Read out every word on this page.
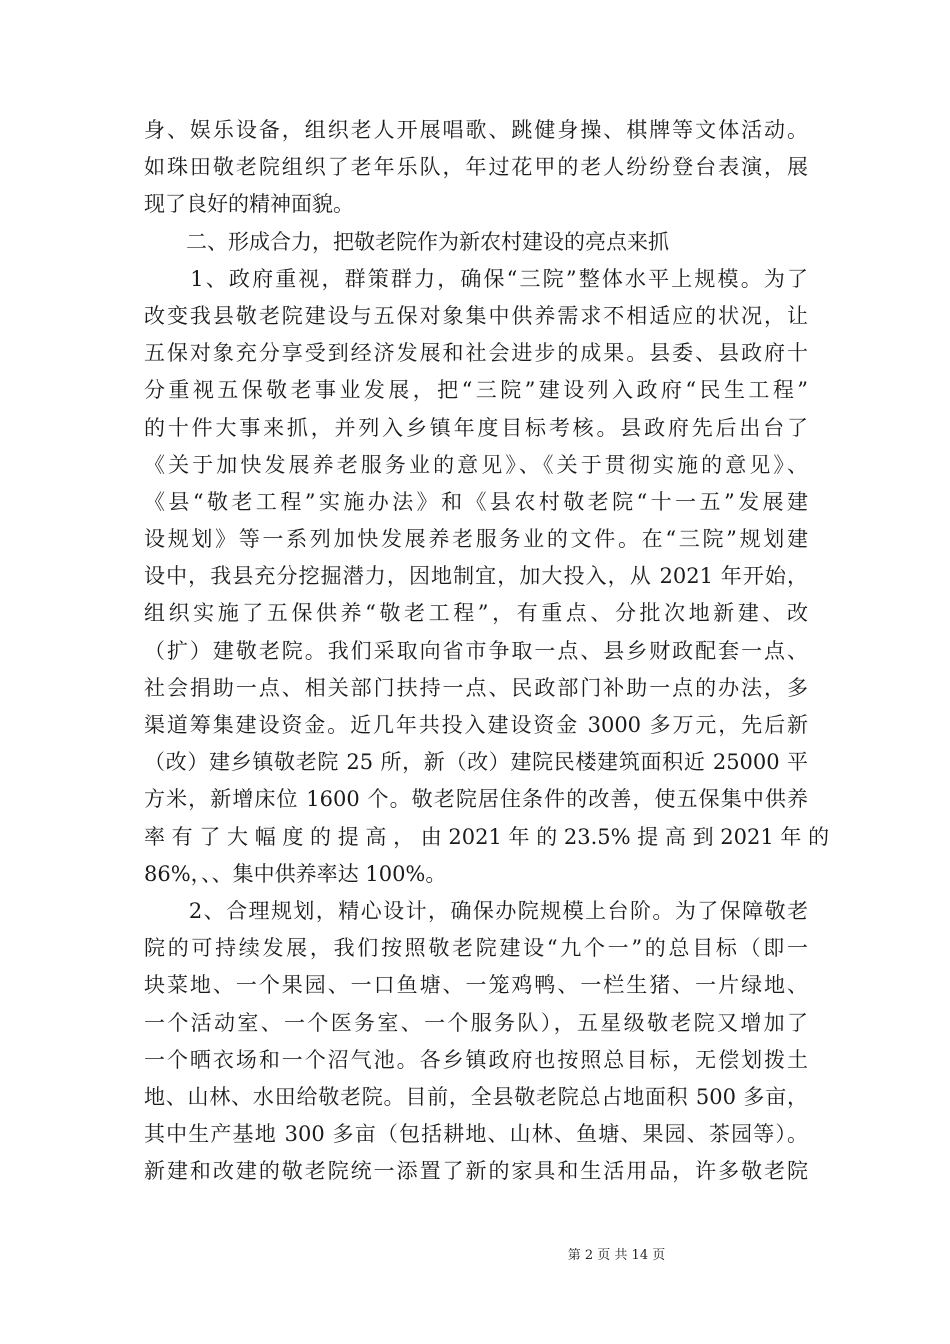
身、娱乐设备，组织老人开展唱歌、跳健身操、棋牌等文体活动。
如珠田敬老院组织了老年乐队，年过花甲的老人纷纷登台表演，展
现了良好的精神面貌。
　　二、形成合力，把敬老院作为新农村建设的亮点来抓
　　1、政府重视，群策群力，确保“三院”整体水平上规模。为了
改变我县敬老院建设与五保对象集中供养需求不相适应的状况，让
五保对象充分享受到经济发展和社会进步的成果。县委、县政府十
分重视五保敬老事业发展，把“三院”建设列入政府“民生工程”
的十件大事来抓，并列入乡镇年度目标考核。县政府先后出台了
《关于加快发展养老服务业的意见》、《关于贯彻实施的意见》、
《县“敬老工程”实施办法》和《县农村敬老院“十一五”发展建
设规划》等一系列加快发展养老服务业的文件。在“三院”规划建
设中，我县充分挖掘潜力，因地制宜，加大投入，从 2021 年开始，
组织实施了五保供养“敬老工程”，有重点、分批次地新建、改
（扩）建敬老院。我们采取向省市争取一点、县乡财政配套一点、
社会捐助一点、相关部门扶持一点、民政部门补助一点的办法，多
渠道筹集建设资金。近几年共投入建设资金 3000 多万元，先后新
（改）建乡镇敬老院 25 所，新（改）建院民楼建筑面积近 25000 平
方米，新增床位 1600 个。敬老院居住条件的改善，使五保集中供养
率 有 了 大 幅 度 的 提 高 ， 由 2021 年 的 23.5% 提 高 到 2021 年 的
86%，、、集中供养率达 100%。
　　2、合理规划，精心设计，确保办院规模上台阶。为了保障敬老
院的可持续发展，我们按照敬老院建设“九个一”的总目标（即一
块菜地、一个果园、一口鱼塘、一笼鸡鸭、一栏生猪、一片绿地、
一个活动室、一个医务室、一个服务队），五星级敬老院又增加了
一个晒衣场和一个沼气池。各乡镇政府也按照总目标，无偿划拨土
地、山林、水田给敬老院。目前，全县敬老院总占地面积 500 多亩，
其中生产基地 300 多亩（包括耕地、山林、鱼塘、果园、茶园等）。
新建和改建的敬老院统一添置了新的家具和生活用品，许多敬老院
第 2 页 共 14 页
